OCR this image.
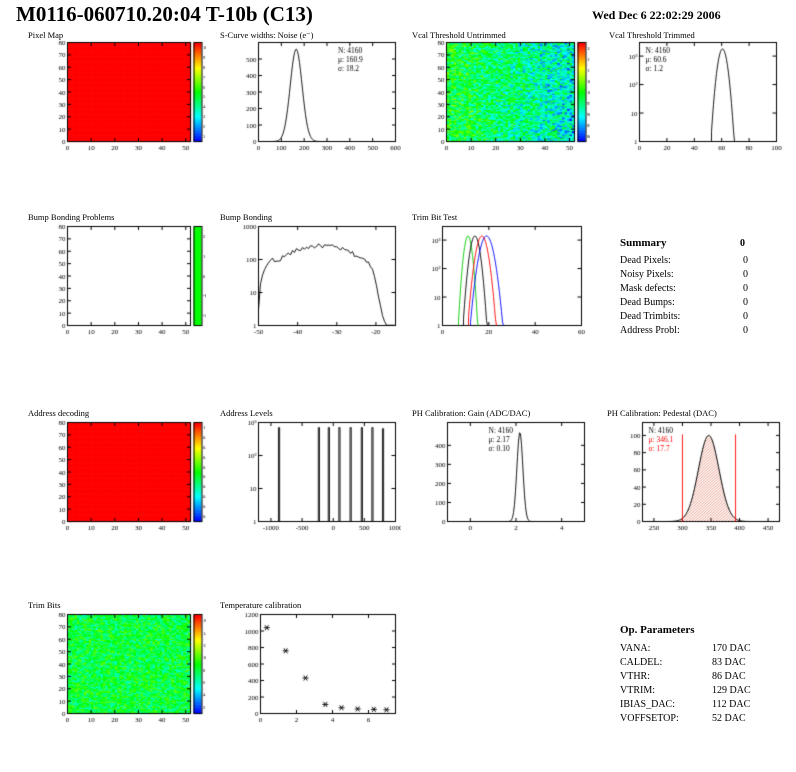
M0116-060710.20:04 T-10b (C13)	Wed Dec 6 22:02:29 2006
Pixel Map	S-Curve widths: Noise (e⁻)	Vcal Threshold Untrimmed	Vcal Threshold Trimmed
Bump Bonding Problems	Bump Bonding	Trim Bit Test
Summary	0
Dead Pixels:	0
Noisy Pixels:	0
Mask defects:	0
Dead Bumps:	0
Dead Trimbits:	0
Address Probl:	0
Address decoding	Address Levels	PH Calibration: Gain (ADC/DAC)	PH Calibration: Pedestal (DAC)
Trim Bits	Temperature calibration
Op. Parameters
VANA:	170 DAC
CALDEL:	83 DAC
VTHR:	86 DAC
VTRIM:	129 DAC
IBIAS_DAC:	112 DAC
VOFFSETOP:	52 DAC
